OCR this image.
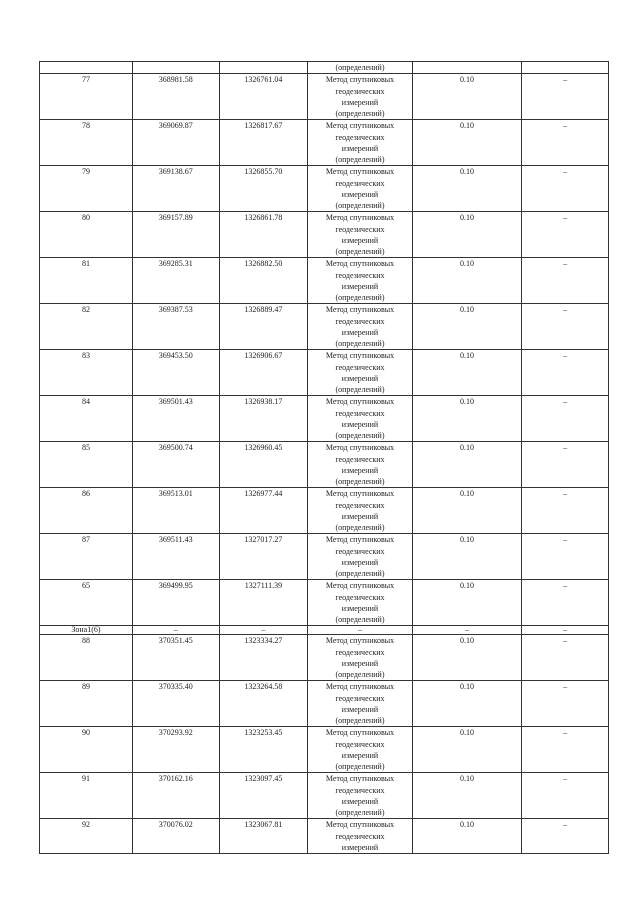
			(определений)		
77	368981.58	1326761.04	Метод спутниковых
геодезических
измерений
(определений)	0.10	–
78	369069.87	1326817.67	Метод спутниковых
геодезических
измерений
(определений)	0.10	–
79	369138.67	1326855.70	Метод спутниковых
геодезических
измерений
(определений)	0.10	–
80	369157.89	1326861.78	Метод спутниковых
геодезических
измерений
(определений)	0.10	–
81	369285.31	1326882.50	Метод спутниковых
геодезических
измерений
(определений)	0.10	–
82	369387.53	1326889.47	Метод спутниковых
геодезических
измерений
(определений)	0.10	–
83	369453.50	1326906.67	Метод спутниковых
геодезических
измерений
(определений)	0.10	–
84	369501.43	1326938.17	Метод спутниковых
геодезических
измерений
(определений)	0.10	–
85	369500.74	1326960.45	Метод спутниковых
геодезических
измерений
(определений)	0.10	–
86	369513.01	1326977.44	Метод спутниковых
геодезических
измерений
(определений)	0.10	–
87	369511.43	1327017.27	Метод спутниковых
геодезических
измерений
(определений)	0.10	–
65	369499.95	1327111.39	Метод спутниковых
геодезических
измерений
(определений)	0.10	–
Зона1(6)	–	–	–	–	–
88	370351.45	1323334.27	Метод спутниковых
геодезических
измерений
(определений)	0.10	–
89	370335.40	1323264.58	Метод спутниковых
геодезических
измерений
(определений)	0.10	–
90	370293.92	1323253.45	Метод спутниковых
геодезических
измерений
(определений)	0.10	–
91	370162.16	1323097.45	Метод спутниковых
геодезических
измерений
(определений)	0.10	–
92	370076.02	1323067.81	Метод спутниковых
геодезических
измерений	0.10	–
